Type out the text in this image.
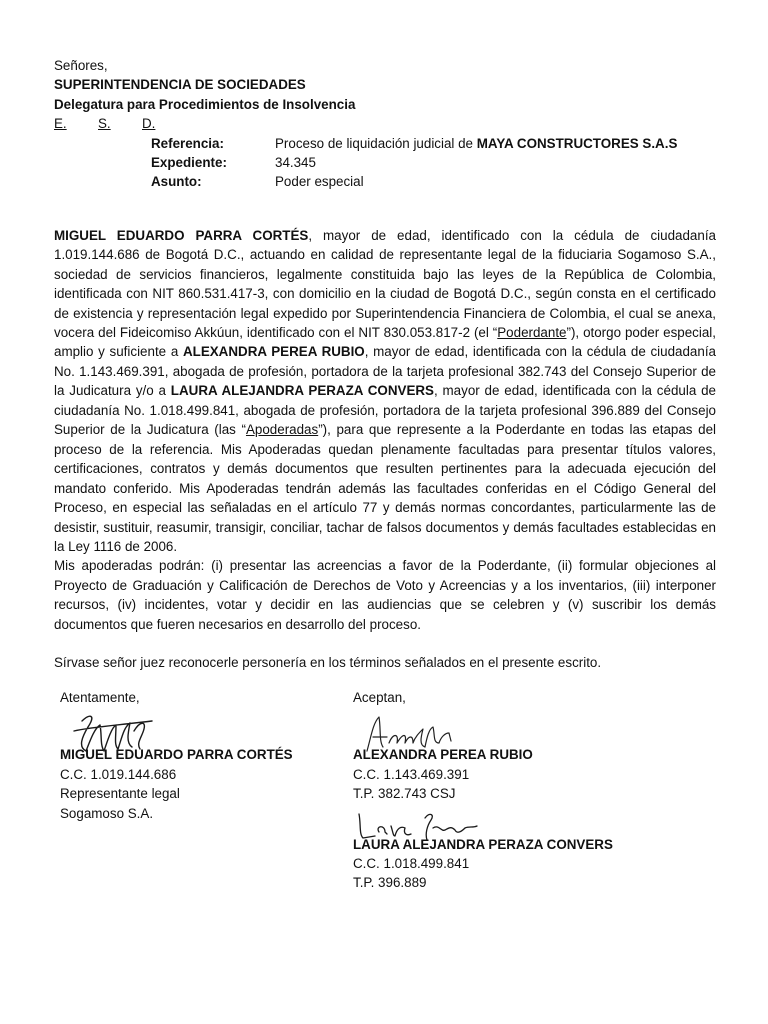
Señores,
SUPERINTENDENCIA DE SOCIEDADES
Delegatura para Procedimientos de Insolvencia
E. S. D.
Referencia:	Proceso de liquidación judicial de MAYA CONSTRUCTORES S.A.S
Expediente:	34.345
Asunto:	Poder especial

MIGUEL EDUARDO PARRA CORTÉS, mayor de edad, identificado con la cédula de ciudadanía 1.019.144.686 de Bogotá D.C., actuando en calidad de representante legal de la fiduciaria Sogamoso S.A., sociedad de servicios financieros, legalmente constituida bajo las leyes de la República de Colombia, identificada con NIT 860.531.417-3, con domicilio en la ciudad de Bogotá D.C., según consta en el certificado de existencia y representación legal expedido por Superintendencia Financiera de Colombia, el cual se anexa, vocera del Fideicomiso Akkúun, identificado con el NIT 830.053.817-2 (el “Poderdante”), otorgo poder especial, amplio y suficiente a ALEXANDRA PEREA RUBIO, mayor de edad, identificada con la cédula de ciudadanía No. 1.143.469.391, abogada de profesión, portadora de la tarjeta profesional 382.743 del Consejo Superior de la Judicatura y/o a LAURA ALEJANDRA PERAZA CONVERS, mayor de edad, identificada con la cédula de ciudadanía No. 1.018.499.841, abogada de profesión, portadora de la tarjeta profesional 396.889 del Consejo Superior de la Judicatura (las “Apoderadas”), para que represente a la Poderdante en todas las etapas del proceso de la referencia. Mis Apoderadas quedan plenamente facultadas para presentar títulos valores, certificaciones, contratos y demás documentos que resulten pertinentes para la adecuada ejecución del mandato conferido. Mis Apoderadas tendrán además las facultades conferidas en el Código General del Proceso, en especial las señaladas en el artículo 77 y demás normas concordantes, particularmente las de desistir, sustituir, reasumir, transigir, conciliar, tachar de falsos documentos y demás facultades establecidas en la Ley 1116 de 2006.

Mis apoderadas podrán: (i) presentar las acreencias a favor de la Poderdante, (ii) formular objeciones al Proyecto de Graduación y Calificación de Derechos de Voto y Acreencias y a los inventarios, (iii) interponer recursos, (iv) incidentes, votar y decidir en las audiencias que se celebren y (v) suscribir los demás documentos que fueren necesarios en desarrollo del proceso.

Sírvase señor juez reconocerle personería en los términos señalados en el presente escrito.

Atentamente,
MIGUEL EDUARDO PARRA CORTÉS
C.C. 1.019.144.686
Representante legal
Sogamoso S.A.
Aceptan,
ALEXANDRA PEREA RUBIO
C.C. 1.143.469.391
T.P. 382.743 CSJ
LAURA ALEJANDRA PERAZA CONVERS
C.C. 1.018.499.841
T.P. 396.889
